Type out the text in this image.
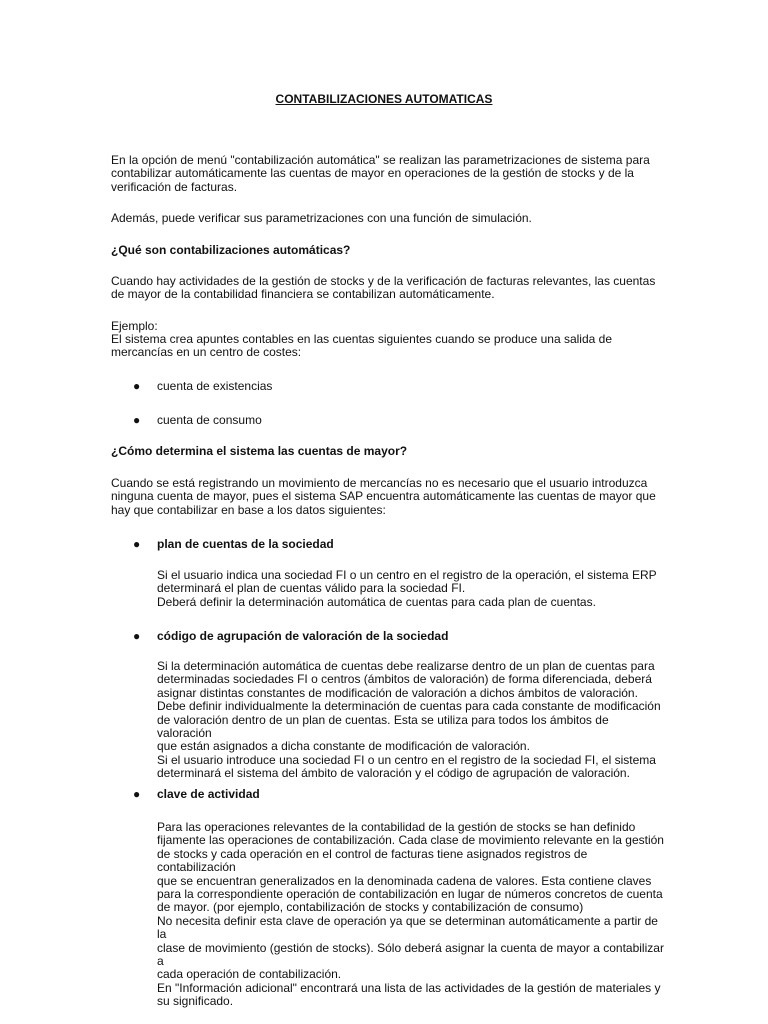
CONTABILIZACIONES AUTOMATICAS

En la opción de menú "contabilización automática" se realizan las parametrizaciones de sistema para contabilizar automáticamente las cuentas de mayor en operaciones de la gestión de stocks y de la verificación de facturas.

Además, puede verificar sus parametrizaciones con una función de simulación.

¿Qué son contabilizaciones automáticas?

Cuando hay actividades de la gestión de stocks y de la verificación de facturas relevantes, las cuentas de mayor de la contabilidad financiera se contabilizan automáticamente.

Ejemplo:

El sistema crea apuntes contables en las cuentas siguientes cuando se produce una salida de mercancías en un centro de costes:

● cuenta de existencias
● cuenta de consumo

¿Cómo determina el sistema las cuentas de mayor?

Cuando se está registrando un movimiento de mercancías no es necesario que el usuario introduzca ninguna cuenta de mayor, pues el sistema SAP encuentra automáticamente las cuentas de mayor que hay que contabilizar en base a los datos siguientes:

● plan de cuentas de la sociedad
Si el usuario indica una sociedad FI o un centro en el registro de la operación, el sistema ERP
determinará el plan de cuentas válido para la sociedad FI.
Deberá definir la determinación automática de cuentas para cada plan de cuentas.
● código de agrupación de valoración de la sociedad
Si la determinación automática de cuentas debe realizarse dentro de un plan de cuentas para
determinadas sociedades FI o centros (ámbitos de valoración) de forma diferenciada, deberá
asignar distintas constantes de modificación de valoración a dichos ámbitos de valoración.
Debe definir individualmente la determinación de cuentas para cada constante de modificación
de valoración dentro de un plan de cuentas. Esta se utiliza para todos los ámbitos de valoración
que están asignados a dicha constante de modificación de valoración.
Si el usuario introduce una sociedad FI o un centro en el registro de la sociedad FI, el sistema
determinará el sistema del ámbito de valoración y el código de agrupación de valoración.
● clave de actividad
Para las operaciones relevantes de la contabilidad de la gestión de stocks se han definido
fijamente las operaciones de contabilización. Cada clase de movimiento relevante en la gestión
de stocks y cada operación en el control de facturas tiene asignados registros de contabilización
que se encuentran generalizados en la denominada cadena de valores. Esta contiene claves
para la correspondiente operación de contabilización en lugar de números concretos de cuenta
de mayor. (por ejemplo, contabilización de stocks y contabilización de consumo)
No necesita definir esta clave de operación ya que se determinan automáticamente a partir de la
clase de movimiento (gestión de stocks). Sólo deberá asignar la cuenta de mayor a contabilizar a
cada operación de contabilización.
En "Información adicional" encontrará una lista de las actividades de la gestión de materiales y
su significado.
